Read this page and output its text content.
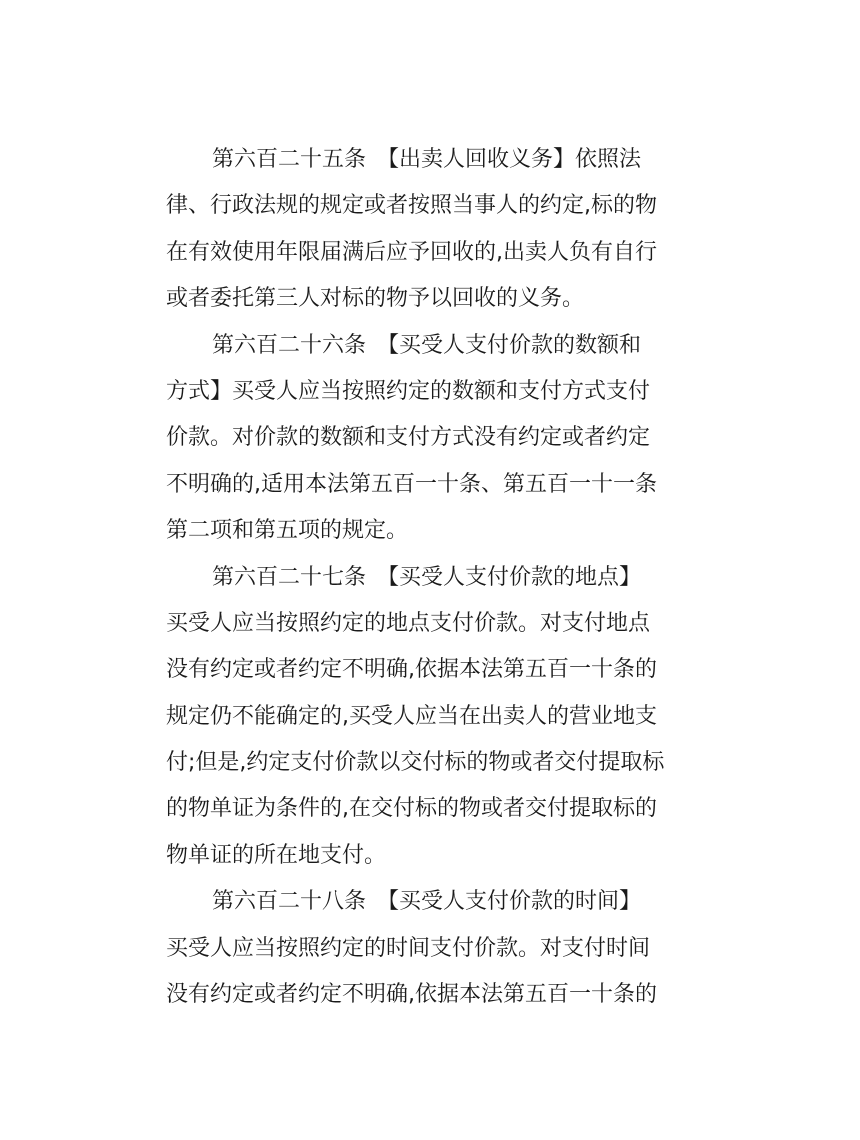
第六百二十五条　【出卖人回收义务】依照法
律、行政法规的规定或者按照当事人的约定,标的物
在有效使用年限届满后应予回收的,出卖人负有自行
或者委托第三人对标的物予以回收的义务。
第六百二十六条　【买受人支付价款的数额和
方式】买受人应当按照约定的数额和支付方式支付
价款。对价款的数额和支付方式没有约定或者约定
不明确的,适用本法第五百一十条、第五百一十一条
第二项和第五项的规定。
第六百二十七条　【买受人支付价款的地点】
买受人应当按照约定的地点支付价款。对支付地点
没有约定或者约定不明确,依据本法第五百一十条的
规定仍不能确定的,买受人应当在出卖人的营业地支
付;但是,约定支付价款以交付标的物或者交付提取标
的物单证为条件的,在交付标的物或者交付提取标的
物单证的所在地支付。
第六百二十八条　【买受人支付价款的时间】
买受人应当按照约定的时间支付价款。对支付时间
没有约定或者约定不明确,依据本法第五百一十条的
